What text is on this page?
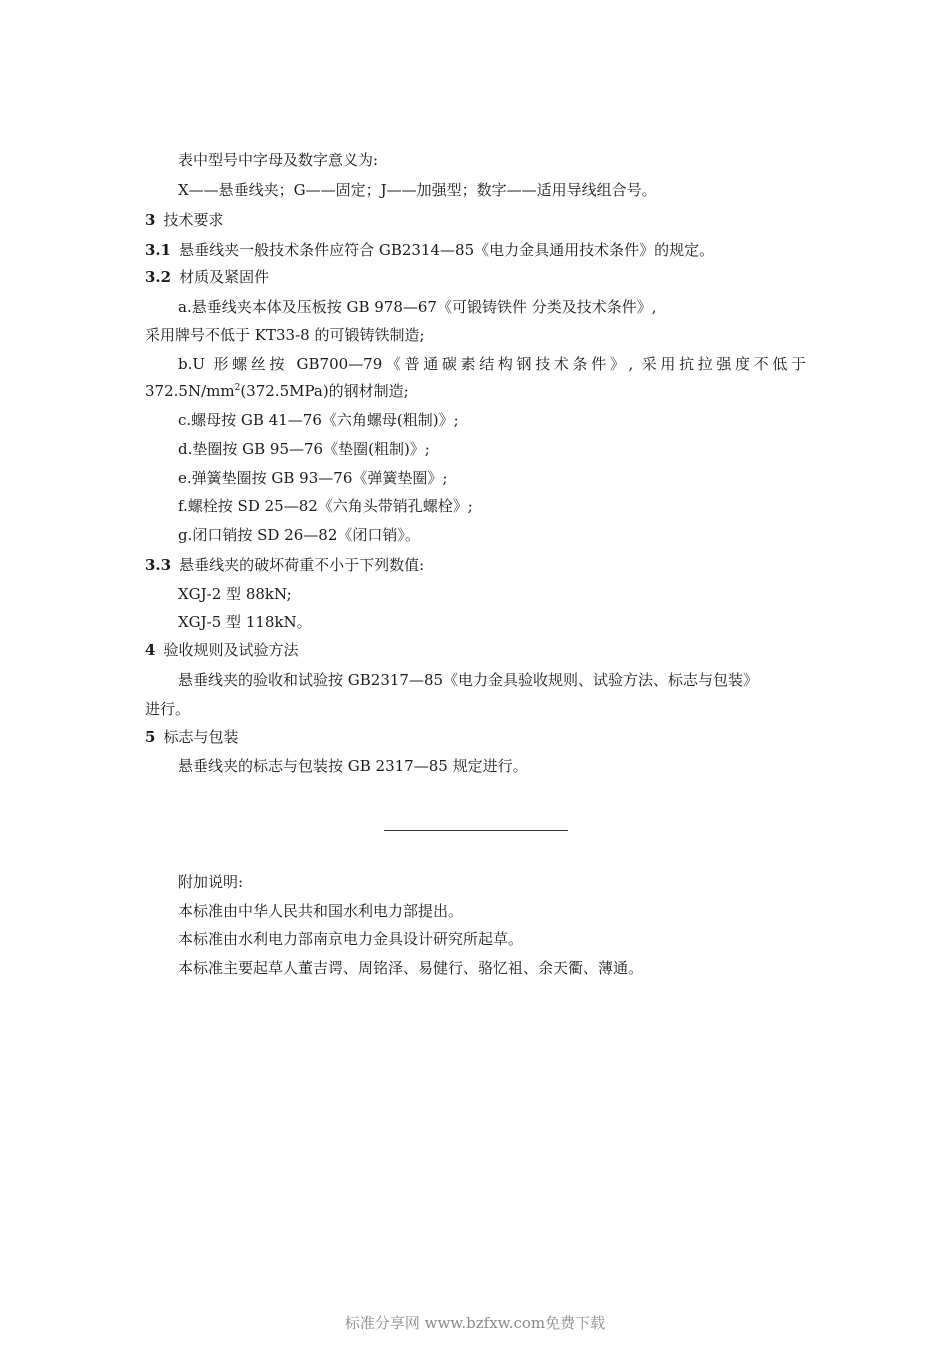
表中型号中字母及数字意义为:
X——悬垂线夹；G——固定；J——加强型；数字——适用导线组合号。
3 技术要求
3.1 悬垂线夹一般技术条件应符合 GB2314—85《电力金具通用技术条件》的规定。
3.2 材质及紧固件
a.悬垂线夹本体及压板按 GB 978—67《可锻铸铁件 分类及技术条件》,
采用牌号不低于 KT33-8 的可锻铸铁制造;
b.U 形螺丝按 GB700—79《普通碳素结构钢技术条件》, 采用抗拉强度不低于
$372.5N/mm^2(372.5MPa)$的钢材制造;
c.螺母按 GB 41—76《六角螺母(粗制)》;
d.垫圈按 GB 95—76《垫圈(粗制)》;
e.弹簧垫圈按 GB 93—76《弹簧垫圈》;
f.螺栓按 SD 25—82《六角头带销孔螺栓》;
g.闭口销按 SD 26—82《闭口销》。
3.3 悬垂线夹的破坏荷重不小于下列数值:
XGJ-2 型 88kN;
XGJ-5 型 118kN。
4 验收规则及试验方法
悬垂线夹的验收和试验按 GB2317—85《电力金具验收规则、试验方法、标志与包装》
进行。
5 标志与包装
悬垂线夹的标志与包装按 GB 2317—85 规定进行。
附加说明:
本标准由中华人民共和国水利电力部提出。
本标准由水利电力部南京电力金具设计研究所起草。
本标准主要起草人董吉谔、周铭泽、易健行、骆忆祖、余天衢、薄通。
标准分享网 www.bzfxw.com免费下载
